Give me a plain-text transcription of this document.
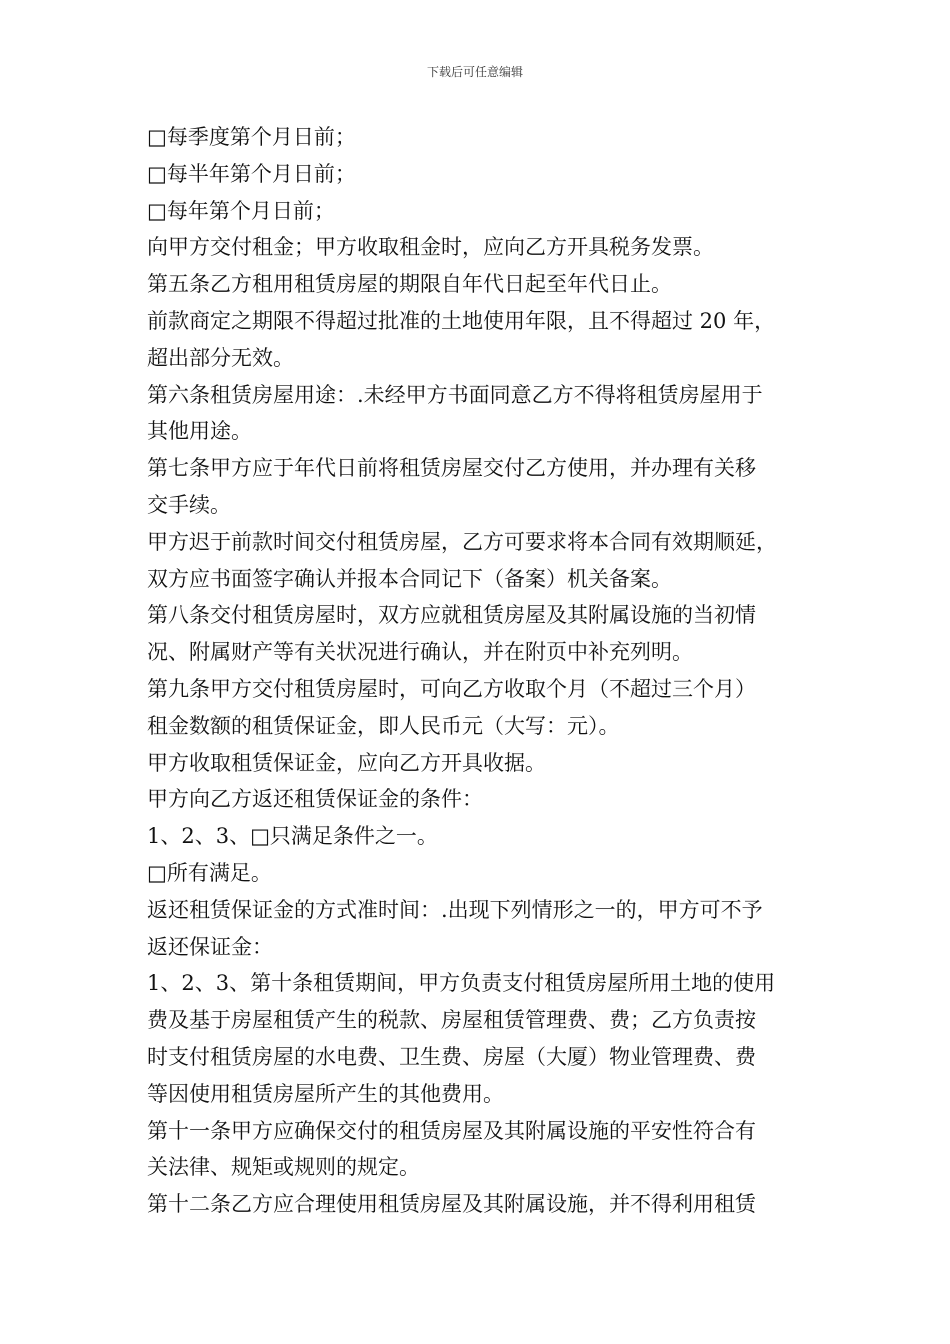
下载后可任意编辑
□每季度第个月日前；
□每半年第个月日前；
□每年第个月日前；
向甲方交付租金；甲方收取租金时，应向乙方开具税务发票。
第五条乙方租用租赁房屋的期限自年代日起至年代日止。
前款商定之期限不得超过批准的土地使用年限，且不得超过 20 年，
超出部分无效。
第六条租赁房屋用途：.未经甲方书面同意乙方不得将租赁房屋用于
其他用途。
第七条甲方应于年代日前将租赁房屋交付乙方使用，并办理有关移
交手续。
甲方迟于前款时间交付租赁房屋，乙方可要求将本合同有效期顺延，
双方应书面签字确认并报本合同记下（备案）机关备案。
第八条交付租赁房屋时，双方应就租赁房屋及其附属设施的当初情
况、附属财产等有关状况进行确认，并在附页中补充列明。
第九条甲方交付租赁房屋时，可向乙方收取个月（不超过三个月）
租金数额的租赁保证金，即人民币元（大写：元）。
甲方收取租赁保证金，应向乙方开具收据。
甲方向乙方返还租赁保证金的条件：
1、2、3、□只满足条件之一。
□所有满足。
返还租赁保证金的方式准时间：.出现下列情形之一的，甲方可不予
返还保证金：
1、2、3、第十条租赁期间，甲方负责支付租赁房屋所用土地的使用
费及基于房屋租赁产生的税款、房屋租赁管理费、费；乙方负责按
时支付租赁房屋的水电费、卫生费、房屋（大厦）物业管理费、费
等因使用租赁房屋所产生的其他费用。
第十一条甲方应确保交付的租赁房屋及其附属设施的平安性符合有
关法律、规矩或规则的规定。
第十二条乙方应合理使用租赁房屋及其附属设施，并不得利用租赁
